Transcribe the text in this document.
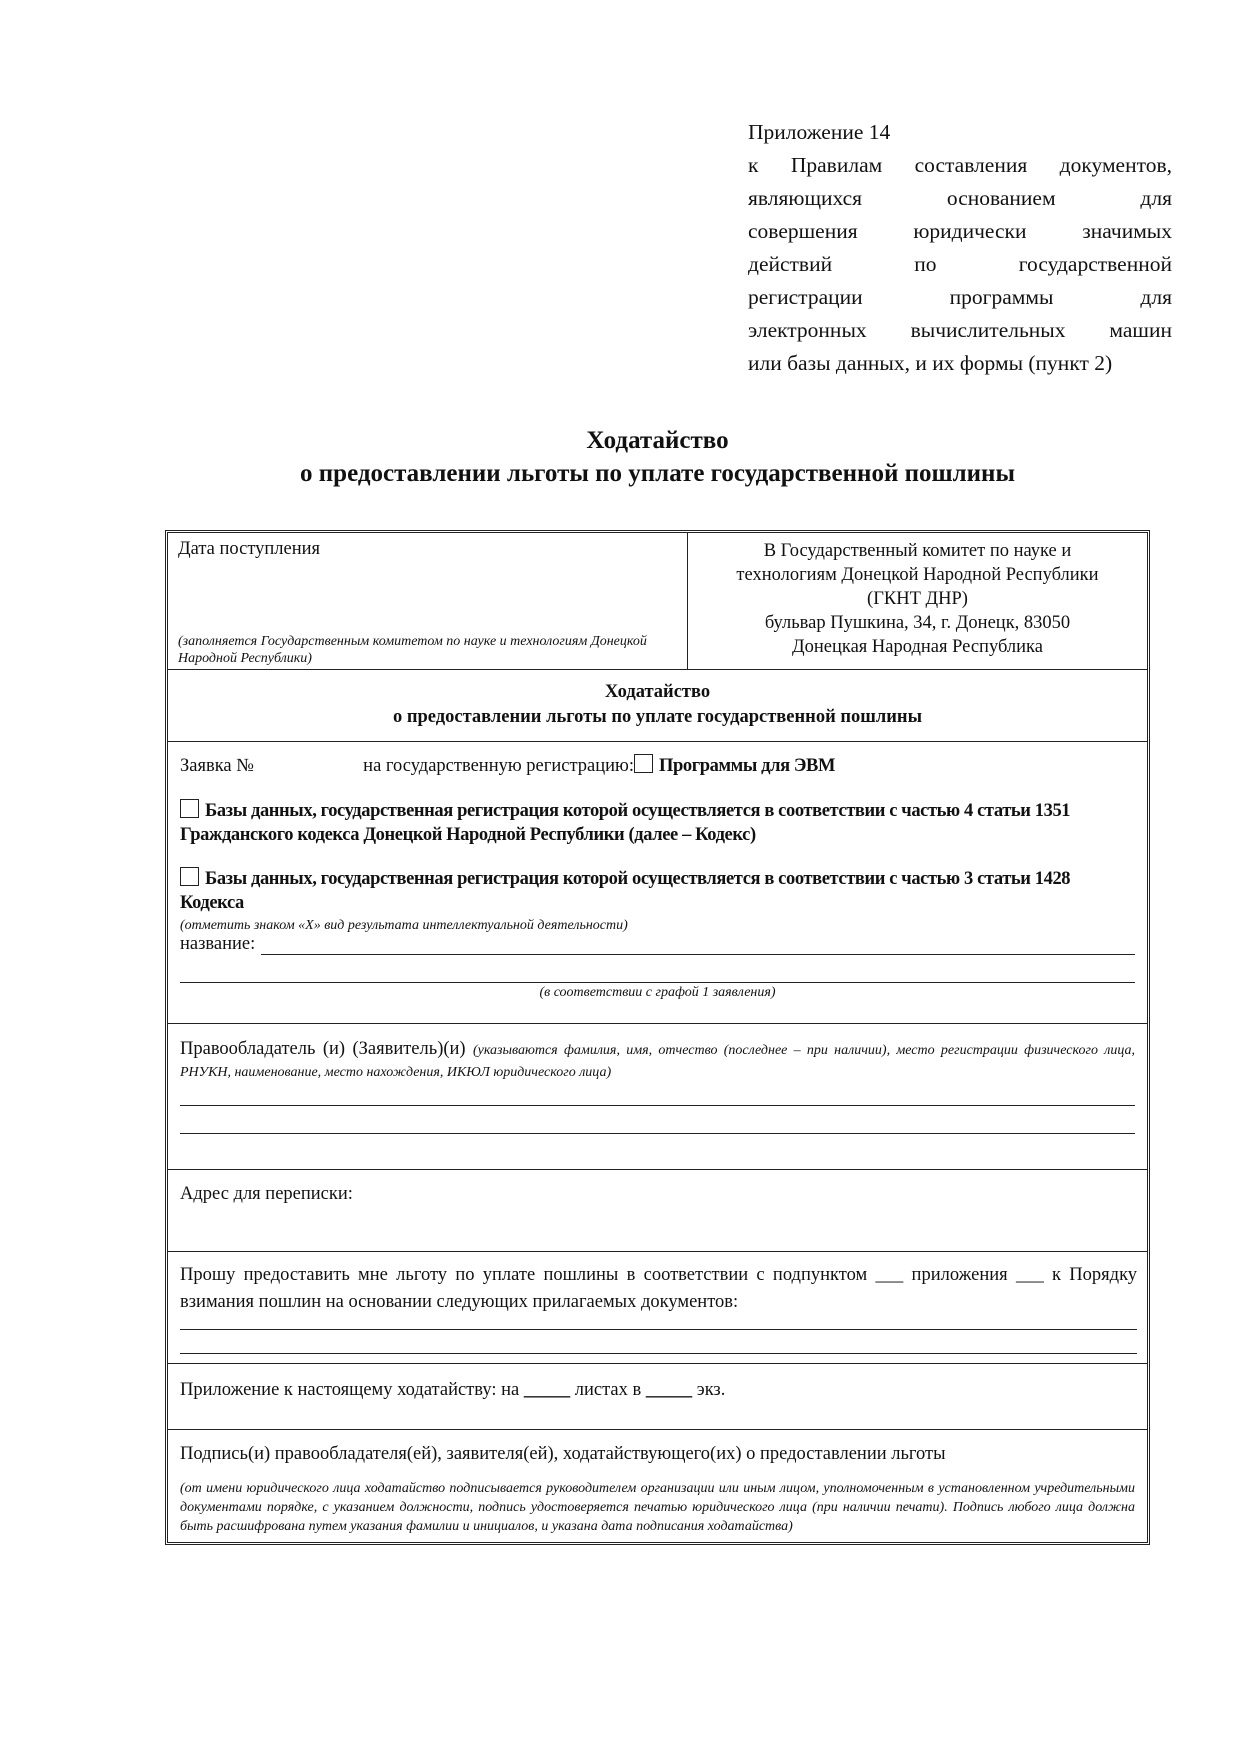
Приложение 14
к Правилам составления документов,
являющихся основанием для
совершения юридически значимых
действий по государственной
регистрации программы для
электронных вычислительных машин
или базы данных, и их формы (пункт 2)
Ходатайство
о предоставлении льготы по уплате государственной пошлины
Дата поступления
(заполняется Государственным комитетом по науке и технологиям Донецкой Народной Республики)
В Государственный комитет по науке и
технологиям Донецкой Народной Республики
(ГКНТ ДНР)
бульвар Пушкина, 34, г. Донецк, 83050
Донецкая Народная Республика
Ходатайство
о предоставлении льготы по уплате государственной пошлины
Заявка №	на государственную регистрацию: Программы для ЭВМ
Базы данных, государственная регистрация которой осуществляется в соответствии с частью 4 статьи 1351 Гражданского кодекса Донецкой Народной Республики (далее – Кодекс)
Базы данных, государственная регистрация которой осуществляется в соответствии с частью 3 статьи 1428 Кодекса
(отметить знаком «X» вид результата интеллектуальной деятельности)
название:
(в соответствии с графой 1 заявления)
Правообладатель (и) (Заявитель)(и) (указываются фамилия, имя, отчество (последнее – при наличии), место регистрации физического лица, РНУКН, наименование, место нахождения, ИКЮЛ юридического лица)
Адрес для переписки:
Прошу предоставить мне льготу по уплате пошлины в соответствии с подпунктом ___ приложения ___ к Порядку взимания пошлин на основании следующих прилагаемых документов:
Приложение к настоящему ходатайству: на _____ листах в _____ экз.
Подпись(и) правообладателя(ей), заявителя(ей), ходатайствующего(их) о предоставлении льготы
(от имени юридического лица ходатайство подписывается руководителем организации или иным лицом, уполномоченным в установленном учредительными документами порядке, с указанием должности, подпись удостоверяется печатью юридического лица (при наличии печати). Подпись любого лица должна быть расшифрована путем указания фамилии и инициалов, и указана дата подписания ходатайства)
